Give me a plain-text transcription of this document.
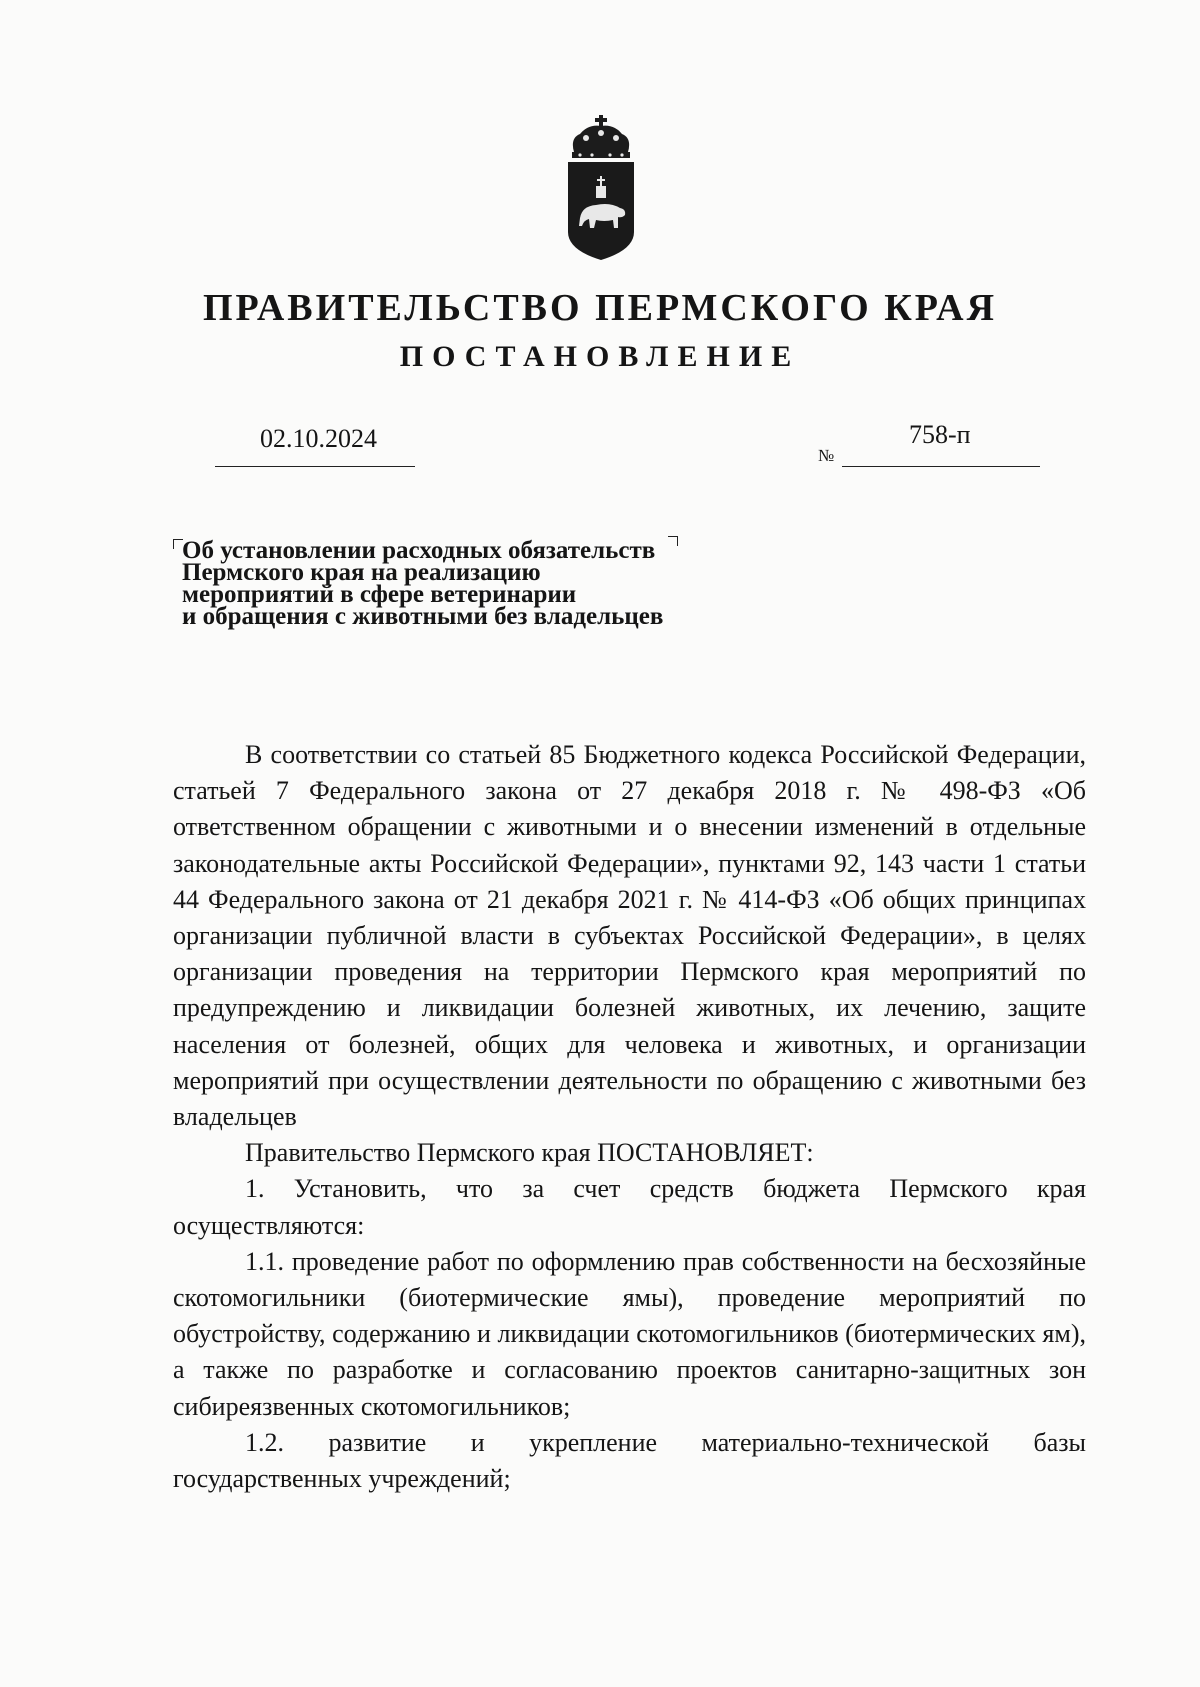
ПРАВИТЕЛЬСТВО ПЕРМСКОГО КРАЯ
ПОСТАНОВЛЕНИЕ
02.10.2024
№
758-п
Об установлении расходных обязательств
Пермского края на реализацию
мероприятий в сфере ветеринарии
и обращения с животными без владельцев

В соответствии со статьей 85 Бюджетного кодекса Российской Федерации, статьей 7 Федерального закона от 27 декабря 2018 г. № 498-ФЗ «Об ответственном обращении с животными и о внесении изменений в отдельные законодательные акты Российской Федерации», пунктами 92, 143 части 1 статьи 44 Федерального закона от 21 декабря 2021 г. № 414-ФЗ «Об общих принципах организации публичной власти в субъектах Российской Федерации», в целях организации проведения на территории Пермского края мероприятий по предупреждению и ликвидации болезней животных, их лечению, защите населения от болезней, общих для человека и животных, и организации мероприятий при осуществлении деятельности по обращению с животными без владельцев

Правительство Пермского края ПОСТАНОВЛЯЕТ:

1. Установить, что за счет средств бюджета Пермского края осуществляются:

1.1. проведение работ по оформлению прав собственности на бесхозяйные скотомогильники (биотермические ямы), проведение мероприятий по обустройству, содержанию и ликвидации скотомогильников (биотермических ям), а также по разработке и согласованию проектов санитарно-защитных зон сибиреязвенных скотомогильников;

1.2. развитие и укрепление материально-технической базы государственных учреждений;
